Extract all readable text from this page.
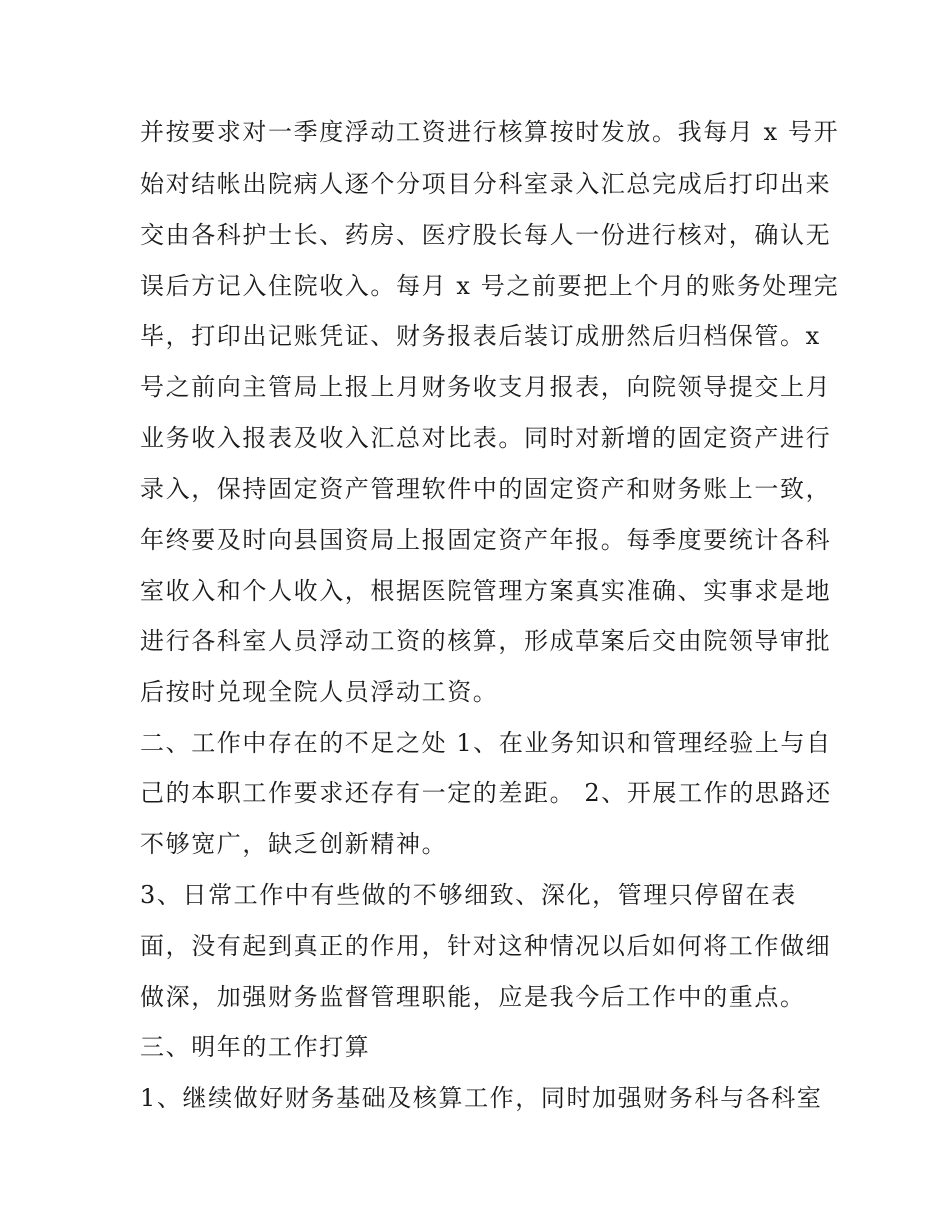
并按要求对一季度浮动工资进行核算按时发放。我每月 x 号开

始对结帐出院病人逐个分项目分科室录入汇总完成后打印出来

交由各科护士长、药房、医疗股长每人一份进行核对，确认无

误后方记入住院收入。每月 x 号之前要把上个月的账务处理完

毕，打印出记账凭证、财务报表后装订成册然后归档保管。x

号之前向主管局上报上月财务收支月报表，向院领导提交上月

业务收入报表及收入汇总对比表。同时对新增的固定资产进行

录入，保持固定资产管理软件中的固定资产和财务账上一致，

年终要及时向县国资局上报固定资产年报。每季度要统计各科

室收入和个人收入，根据医院管理方案真实准确、实事求是地

进行各科室人员浮动工资的核算，形成草案后交由院领导审批

后按时兑现全院人员浮动工资。

二、工作中存在的不足之处 1、在业务知识和管理经验上与自

己的本职工作要求还存有一定的差距。 2、开展工作的思路还

不够宽广，缺乏创新精神。

3、日常工作中有些做的不够细致、深化，管理只停留在表

面，没有起到真正的作用，针对这种情况以后如何将工作做细

做深，加强财务监督管理职能，应是我今后工作中的重点。

三、明年的工作打算

1、继续做好财务基础及核算工作，同时加强财务科与各科室
